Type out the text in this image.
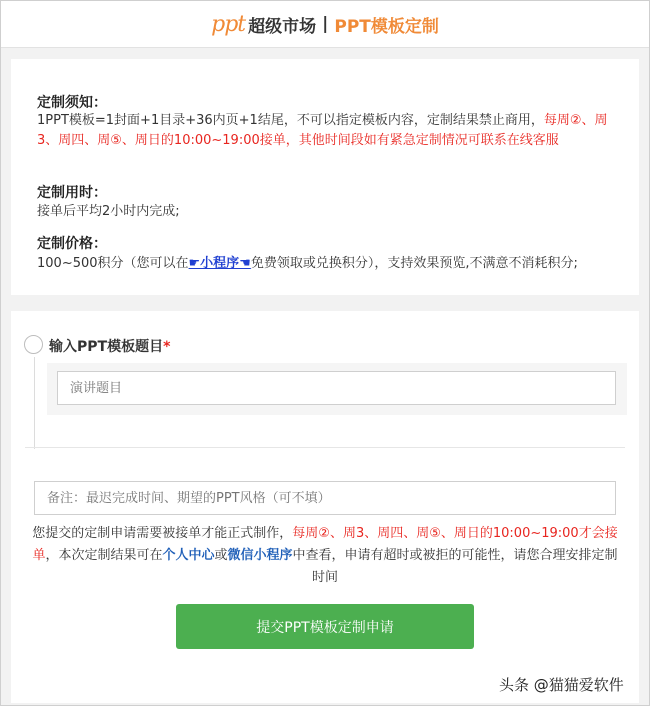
ppt 超级市场 | PPT模板定制
定制须知：
1PPT模板=1封面+1目录+36内页+1结尾，不可以指定模板内容，定制结果禁止商用，每周②、周3、周四、周⑤、周日的10:00~19:00接单，其他时间段如有紧急定制情况可联系在线客服
定制用时：
接单后平均2小时内完成;
定制价格：
100~500积分（您可以在☛小程序☚免费领取或兑换积分），支持效果预览,不满意不消耗积分;
输入PPT模板题目*
演讲题目
备注：最迟完成时间、期望的PPT风格（可不填）
您提交的定制申请需要被接单才能正式制作，每周②、周3、周四、周⑤、周日的10:00~19:00才会接单，本次定制结果可在个人中心或微信小程序中查看，申请有超时或被拒的可能性，请您合理安排定制时间
提交PPT模板定制申请
头条 @猫猫爱软件
